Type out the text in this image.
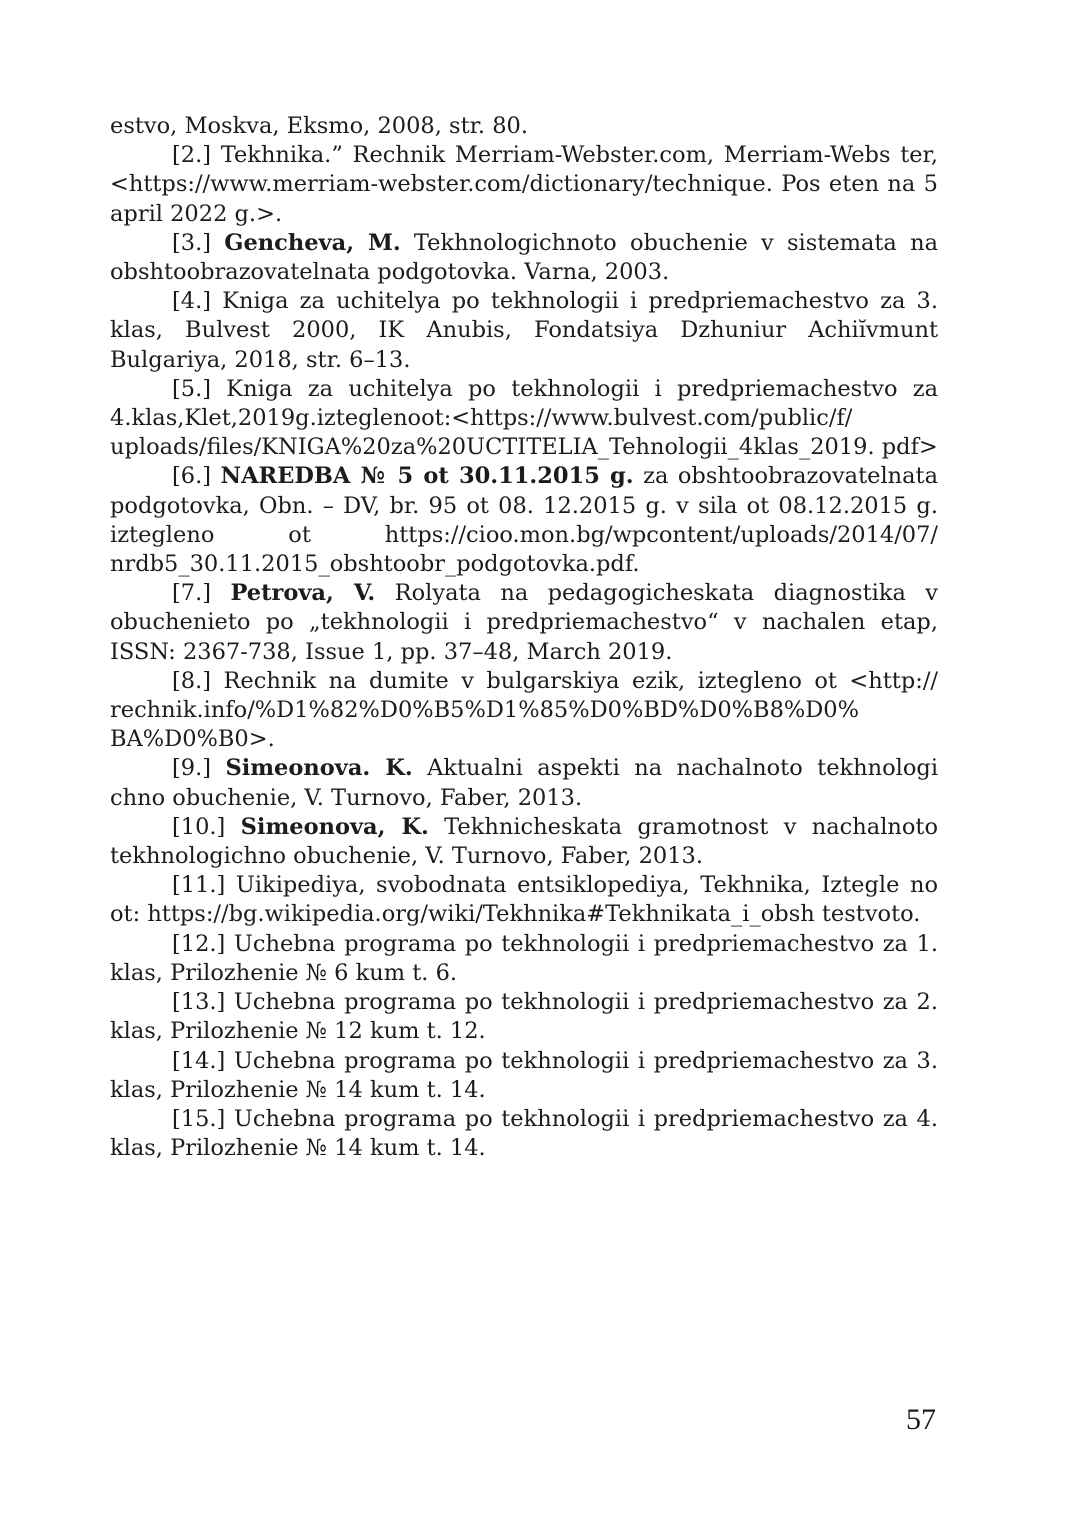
estvo, Moskva, Eksmo, 2008, str. 80.

[2.] Tekhnika.” Rechnik Merriam-Webster.com, Merriam-Webs ter, <https://www.merriam-webster.com/dictionary/technique. Pos eten na 5 april 2022 g.>.

[3.] Gencheva, M. Tekhnologichnoto obuchenie v sistemata na obshtoobrazovatelnata podgotovka. Varna, 2003.

[4.] Kniga za uchitelya po tekhnologii i predpriemachestvo za 3. klas, Bulvest 2000, IK Anubis, Fondatsiya Dzhuniur Achiĭvmunt Bulgariya, 2018, str. 6–13.

[5.] Kniga za uchitelya po tekhnologii i predpriemachestvo za 4.klas,Klet,2019g.izteglenoot:<https://www.bulvest.com/public/f/ uploads/files/KNIGA%20za%20UCTITELIA_Tehnologii_4klas_2019. pdf>

[6.] NAREDBA № 5 ot 30.11.2015 g. za obshtoobrazovatelnata podgotovka, Obn. – DV, br. 95 ot 08. 12.2015 g. v sila ot 08.12.2015 g. iztegleno ot https://cioo.mon.bg/wpcontent/uploads/2014/07/ nrdb5_30.11.2015_obshtoobr_podgotovka.pdf.

[7.] Petrova, V. Rolyata na pedagogicheskata diagnostika v obuchenieto po „tekhnologii i predpriemachestvo“ v nachalen etap, ISSN: 2367-738, Issue 1, pp. 37–48, March 2019.

[8.] Rechnik na dumite v bulgarskiya ezik, iztegleno ot <http:// rechnik.info/%D1%82%D0%B5%D1%85%D0%BD%D0%B8%D0% BA%D0%B0>.

[9.] Simeonova. K. Aktualni aspekti na nachalnoto tekhnologi chno obuchenie, V. Turnovo, Faber, 2013.

[10.] Simeonova, K. Tekhnicheskata gramotnost v nachalnoto tekhnologichno obuchenie, V. Turnovo, Faber, 2013.

[11.] Uikipediya, svobodnata entsiklopediya, Tekhnika, Iztegle no ot: https://bg.wikipedia.org/wiki/Tekhnika#Tekhnikata_i_obsh testvoto.

[12.] Uchebna programa po tekhnologii i predpriemachestvo za 1. klas, Prilozhenie № 6 kum t. 6.

[13.] Uchebna programa po tekhnologii i predpriemachestvo za 2. klas, Prilozhenie № 12 kum t. 12.

[14.] Uchebna programa po tekhnologii i predpriemachestvo za 3. klas, Prilozhenie № 14 kum t. 14.

[15.] Uchebna programa po tekhnologii i predpriemachestvo za 4. klas, Prilozhenie № 14 kum t. 14.

57
